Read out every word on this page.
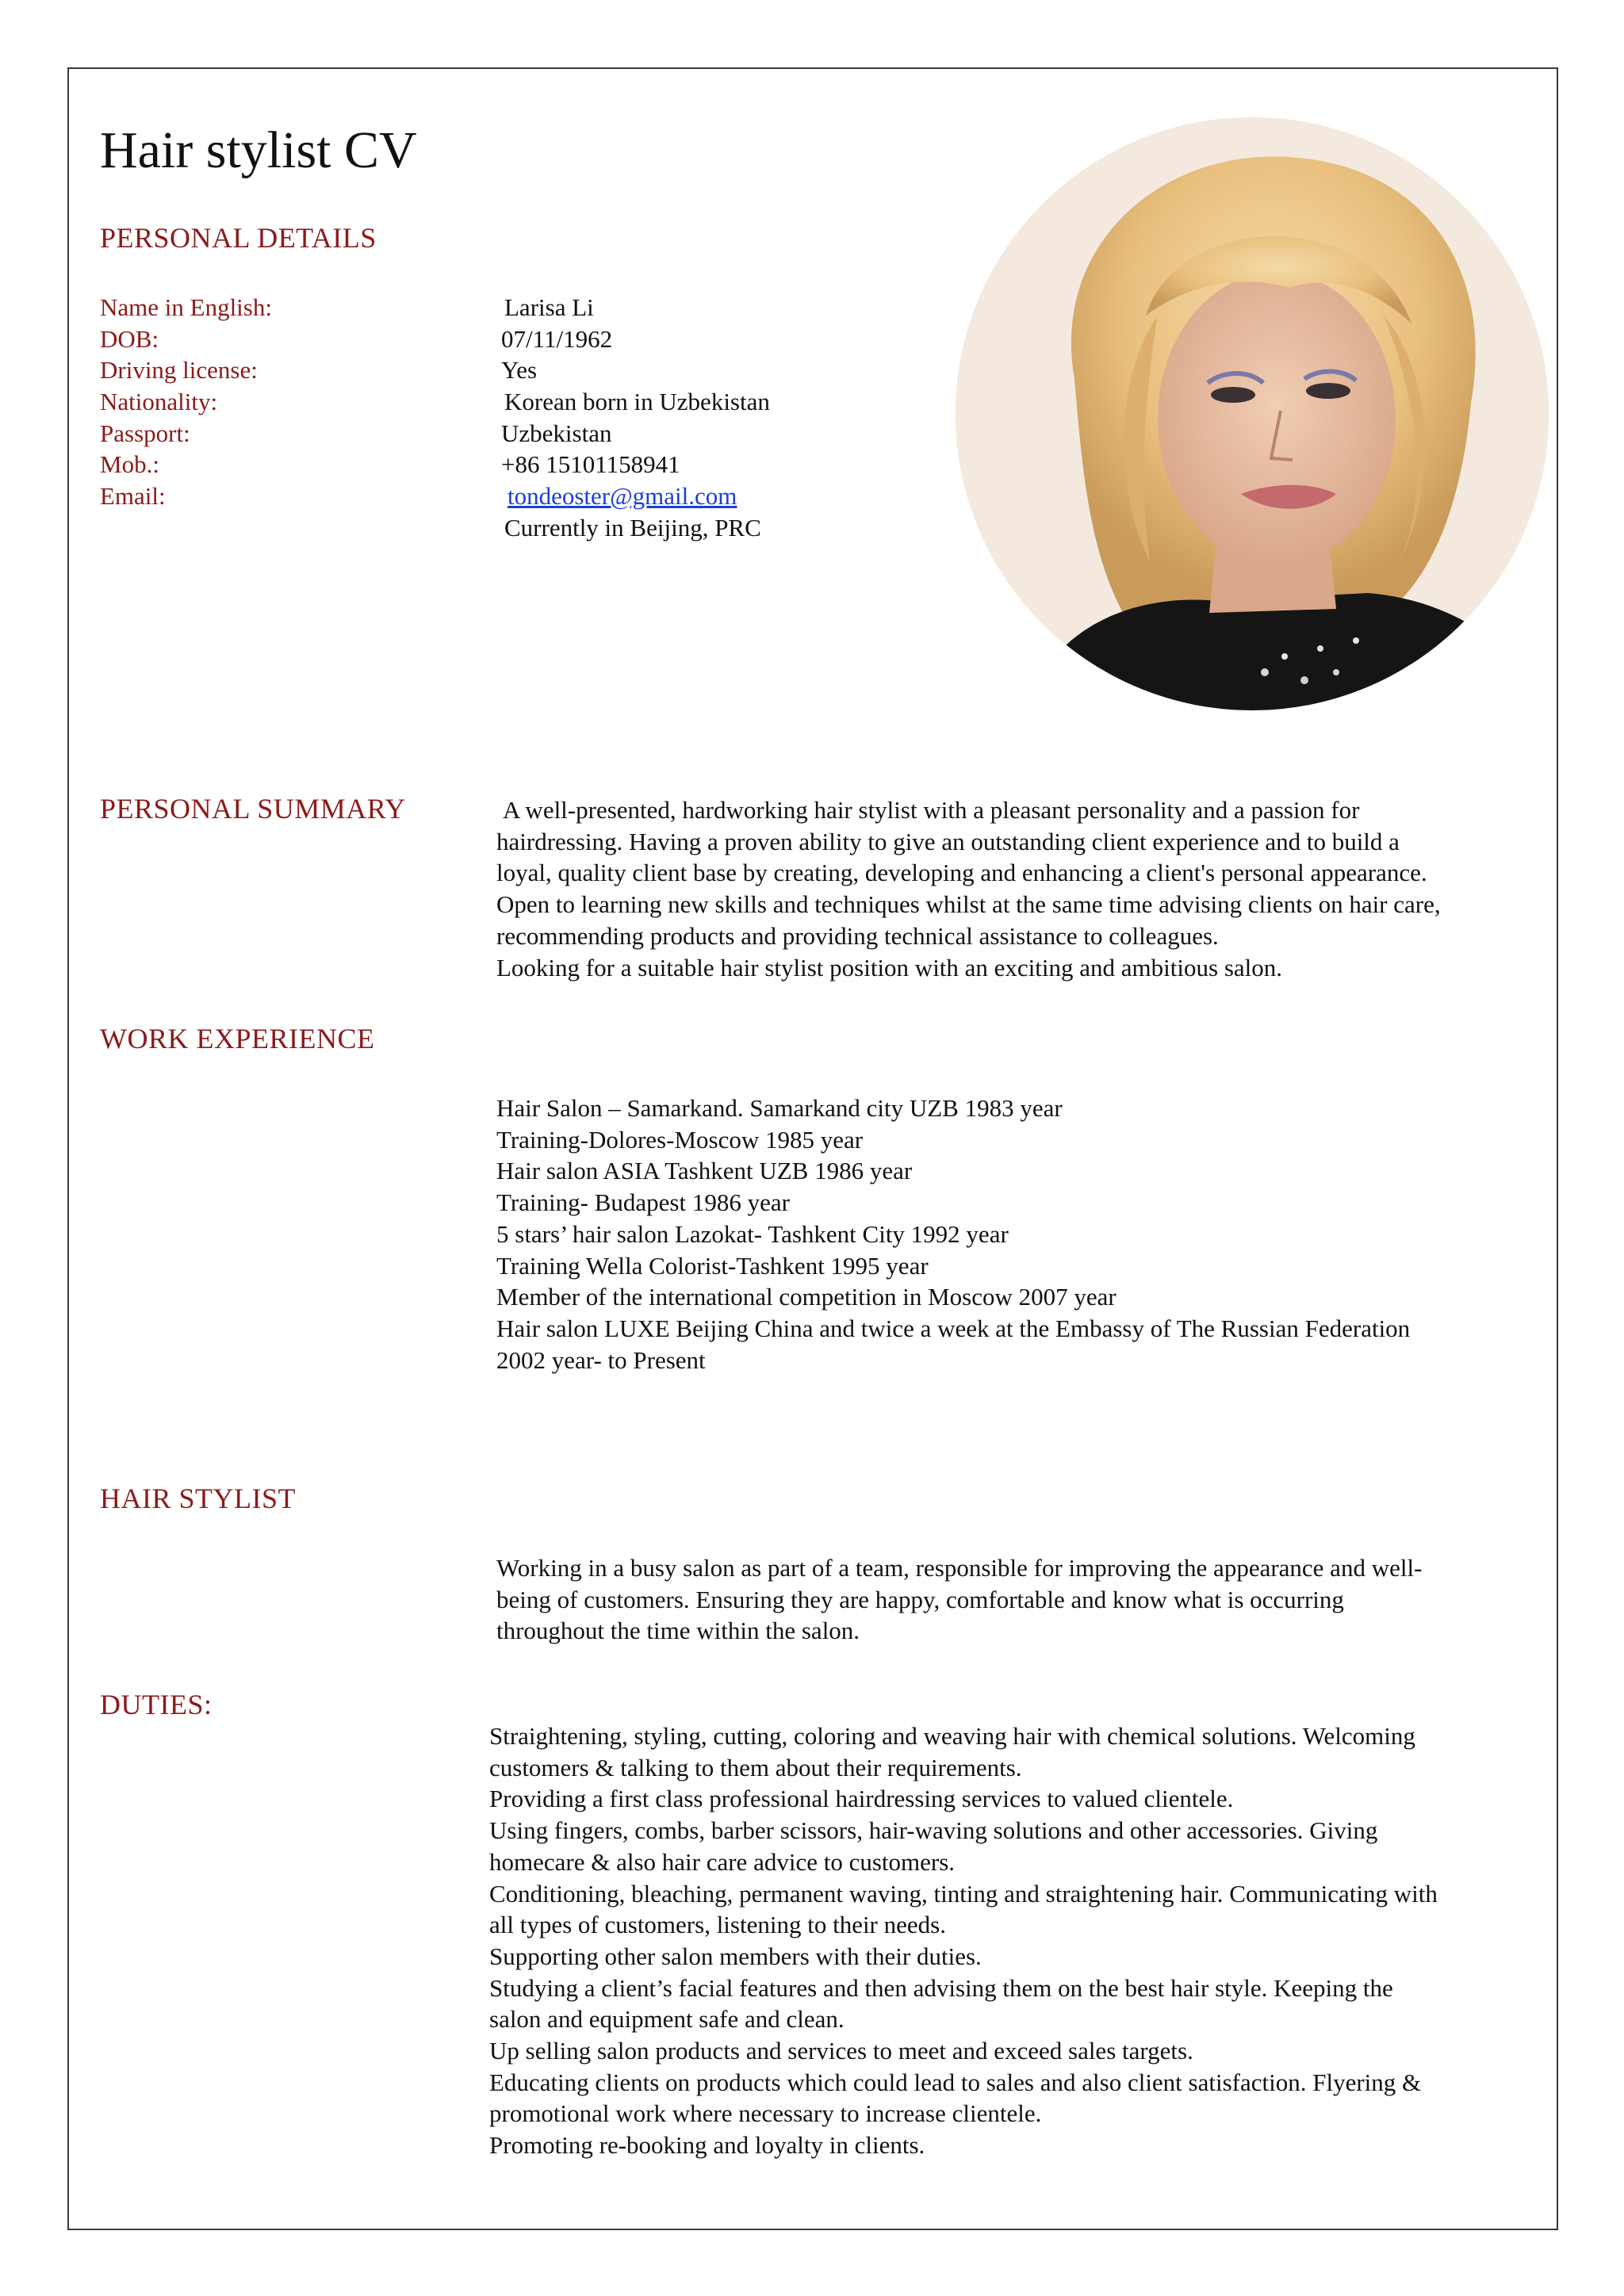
Hair stylist CV
PERSONAL DETAILS
Name in English:
DOB:
Driving license:
Nationality:
Passport:
Mob.:
Email:
Larisa Li
07/11/1962
Yes
Korean born in Uzbekistan
Uzbekistan
+86 15101158941
tondeoster@gmail.com
Currently in Beijing, PRC
PERSONAL SUMMARY	A well-presented, hardworking hair stylist with a pleasant personality and a passion for
hairdressing. Having a proven ability to give an outstanding client experience and to build a
loyal, quality client base by creating, developing and enhancing a client's personal appearance.
Open to learning new skills and techniques whilst at the same time advising clients on hair care,
recommending products and providing technical assistance to colleagues.
Looking for a suitable hair stylist position with an exciting and ambitious salon.
WORK EXPERIENCE
Hair Salon – Samarkand. Samarkand city UZB 1983 year
Training-Dolores-Moscow 1985 year
Hair salon ASIA Tashkent UZB 1986 year
Training- Budapest 1986 year
5 stars’ hair salon Lazokat- Tashkent City 1992 year
Training Wella Colorist-Tashkent 1995 year
Member of the international competition in Moscow 2007 year
Hair salon LUXE Beijing China and twice a week at the Embassy of The Russian Federation
2002 year- to Present
HAIR STYLIST
Working in a busy salon as part of a team, responsible for improving the appearance and well-
being of customers. Ensuring they are happy, comfortable and know what is occurring
throughout the time within the salon.
DUTIES:
Straightening, styling, cutting, coloring and weaving hair with chemical solutions. Welcoming
customers & talking to them about their requirements.
Providing a first class professional hairdressing services to valued clientele.
Using fingers, combs, barber scissors, hair-waving solutions and other accessories. Giving
homecare & also hair care advice to customers.
Conditioning, bleaching, permanent waving, tinting and straightening hair. Communicating with
all types of customers, listening to their needs.
Supporting other salon members with their duties.
Studying a client’s facial features and then advising them on the best hair style. Keeping the
salon and equipment safe and clean.
Up selling salon products and services to meet and exceed sales targets.
Educating clients on products which could lead to sales and also client satisfaction. Flyering &
promotional work where necessary to increase clientele.
Promoting re-booking and loyalty in clients.
